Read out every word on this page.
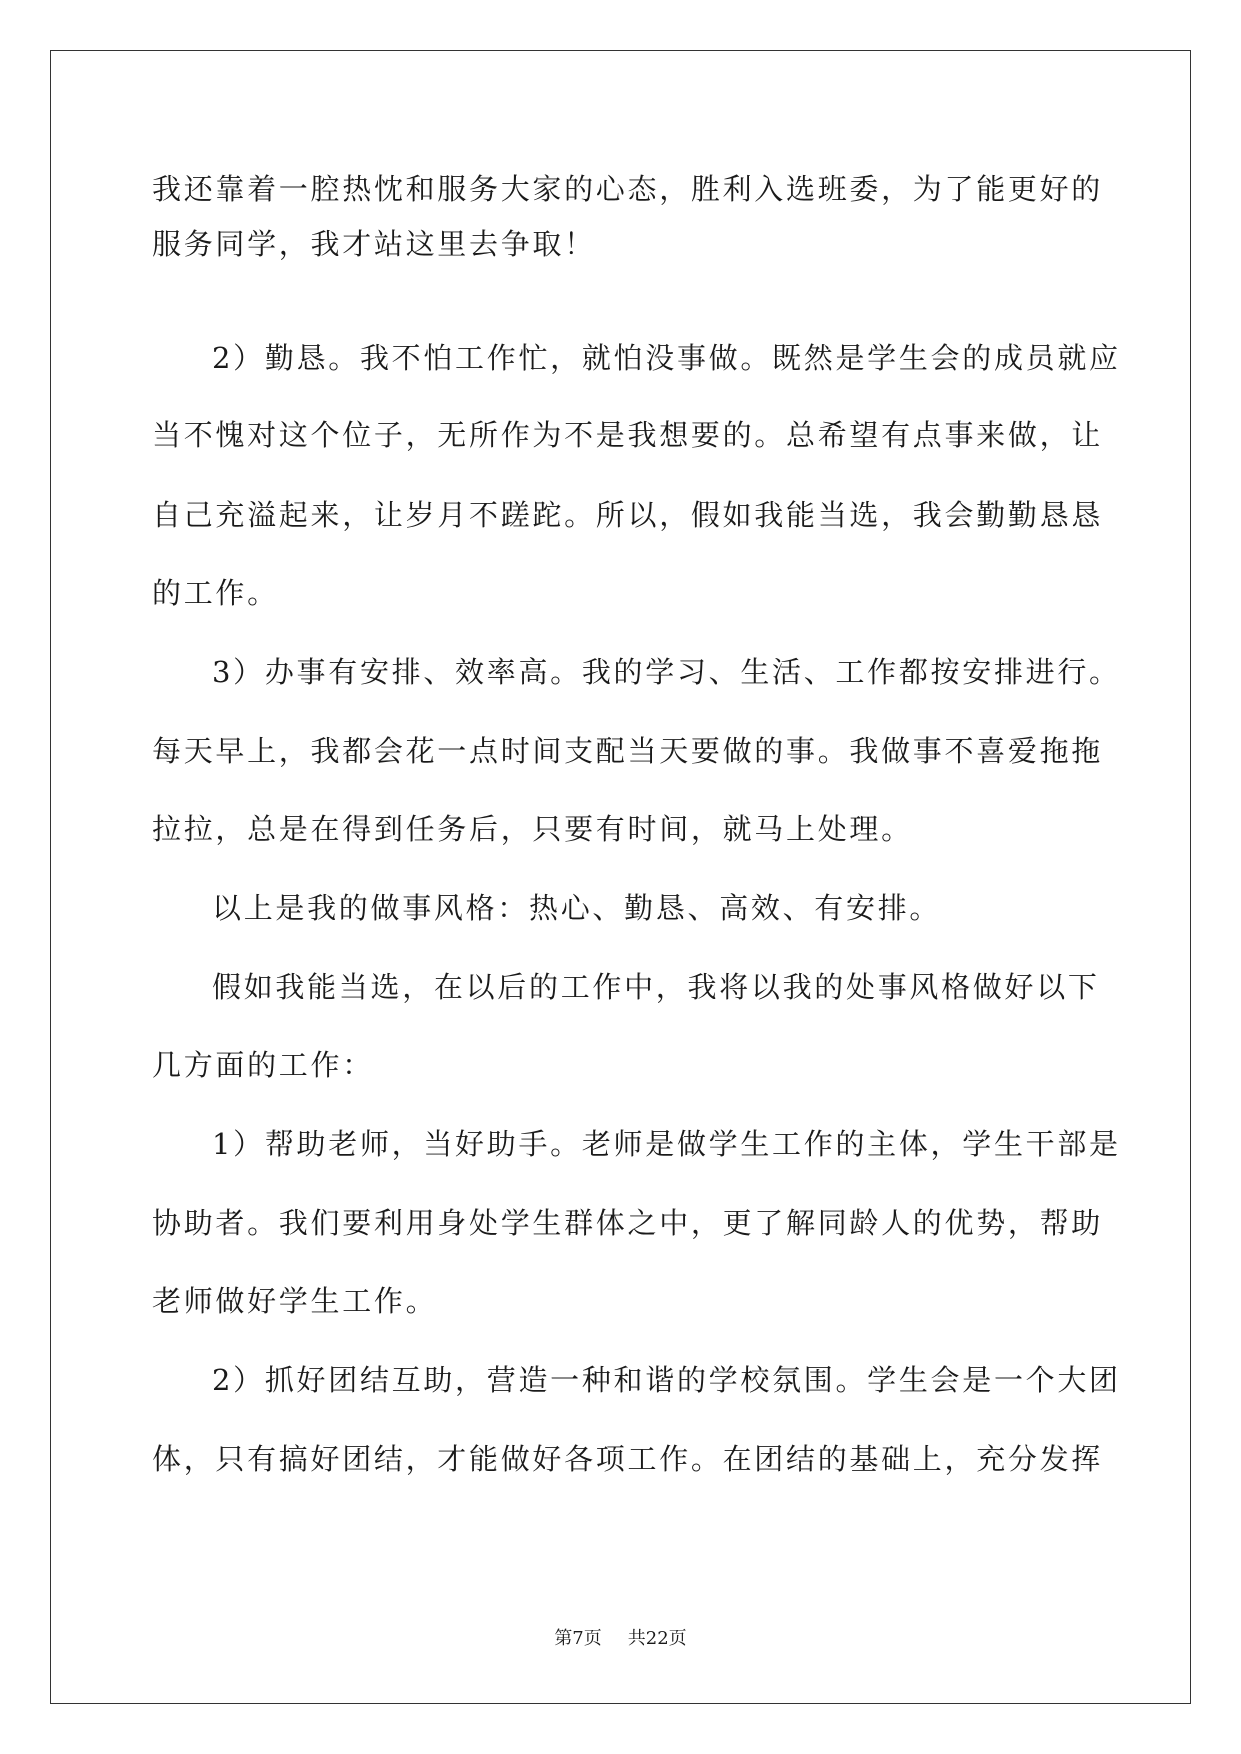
我还靠着一腔热忱和服务大家的心态，胜利入选班委，为了能更好的
服务同学，我才站这里去争取！
2）勤恳。我不怕工作忙，就怕没事做。既然是学生会的成员就应
当不愧对这个位子，无所作为不是我想要的。总希望有点事来做，让
自己充溢起来，让岁月不蹉跎。所以，假如我能当选，我会勤勤恳恳
的工作。
3）办事有安排、效率高。我的学习、生活、工作都按安排进行。
每天早上，我都会花一点时间支配当天要做的事。我做事不喜爱拖拖
拉拉，总是在得到任务后，只要有时间，就马上处理。
以上是我的做事风格：热心、勤恳、高效、有安排。
假如我能当选，在以后的工作中，我将以我的处事风格做好以下
几方面的工作：
1）帮助老师，当好助手。老师是做学生工作的主体，学生干部是
协助者。我们要利用身处学生群体之中，更了解同龄人的优势，帮助
老师做好学生工作。
2）抓好团结互助，营造一种和谐的学校氛围。学生会是一个大团
体，只有搞好团结，才能做好各项工作。在团结的基础上，充分发挥
第7页 共22页
